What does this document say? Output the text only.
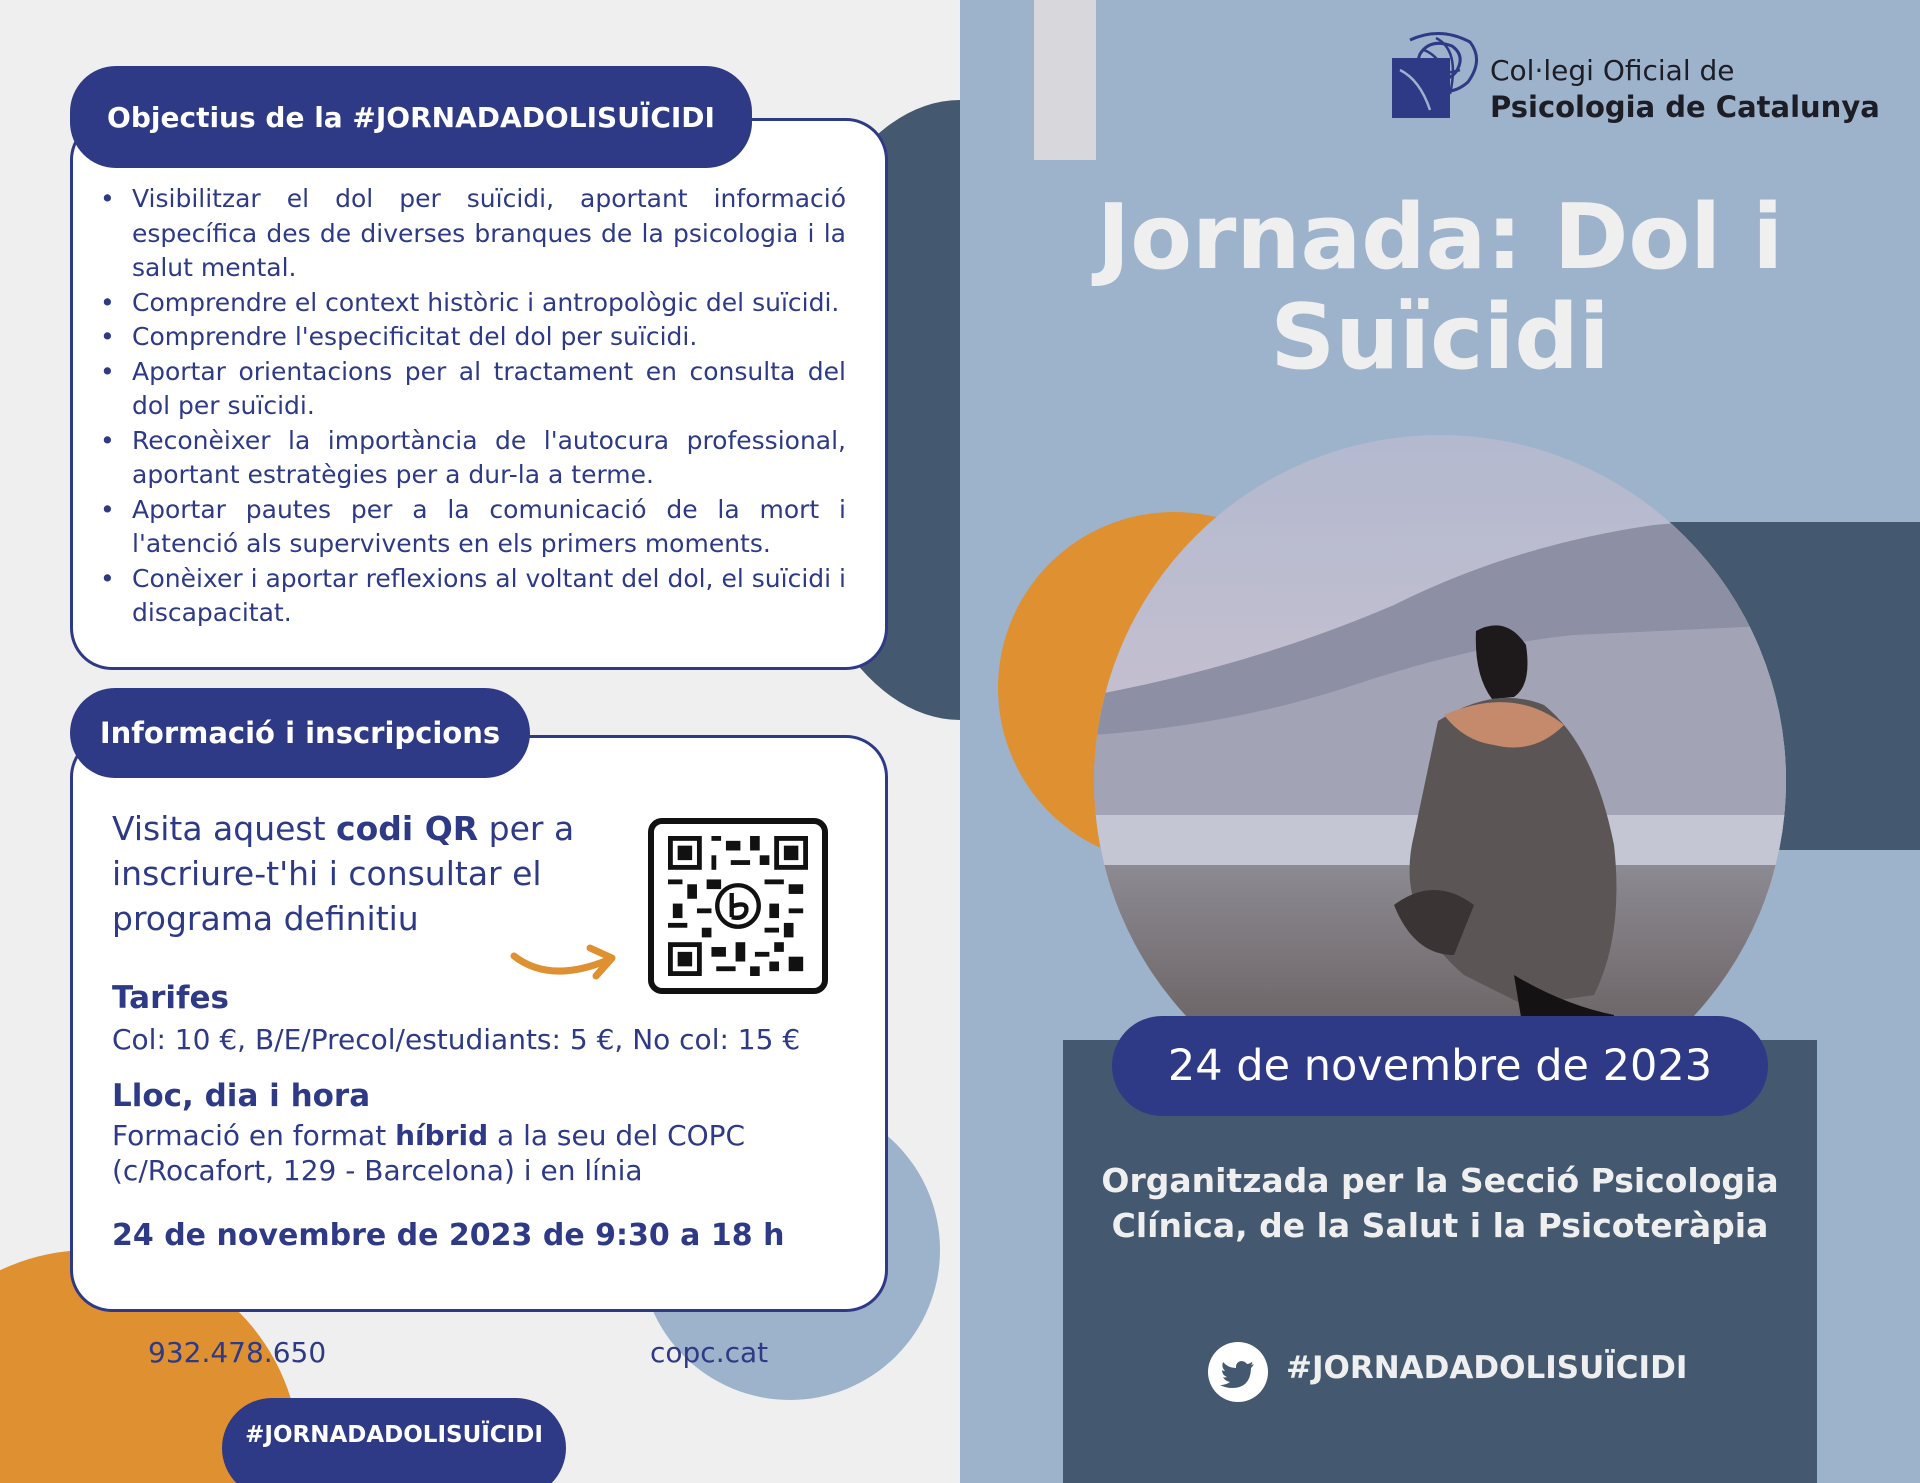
Objectius de la #JORNADADOLISUÏCIDI
• Visibilitzar el dol per suïcidi, aportant informació específica des de diverses branques de la psicologia i la salut mental.
• Comprendre el context històric i antropològic del suïcidi.
• Comprendre l'especificitat del dol per suïcidi.
• Aportar orientacions per al tractament en consulta del dol per suïcidi.
• Reconèixer la importància de l'autocura professional, aportant estratègies per a dur-la a terme.
• Aportar pautes per a la comunicació de la mort i l'atenció als supervivents en els primers moments.
• Conèixer i aportar reflexions al voltant del dol, el suïcidi i discapacitat.
Informació i inscripcions
Visita aquest codi QR per a inscriure-t'hi i consultar el programa definitiu
Tarifes
Col: 10 €, B/E/Precol/estudiants: 5 €, No col: 15 €
Lloc, dia i hora
Formació en format híbrid a la seu del COPC (c/Rocafort, 129 - Barcelona) i en línia
24 de novembre de 2023 de 9:30 a 18 h
932.478.650	copc.cat
#JORNADADOLISUÏCIDI
Col·legi Oficial de
Psicologia de Catalunya
Jornada: Dol i Suïcidi
24 de novembre de 2023
Organitzada per la Secció Psicologia Clínica, de la Salut i la Psicoteràpia
#JORNADADOLISUÏCIDI
